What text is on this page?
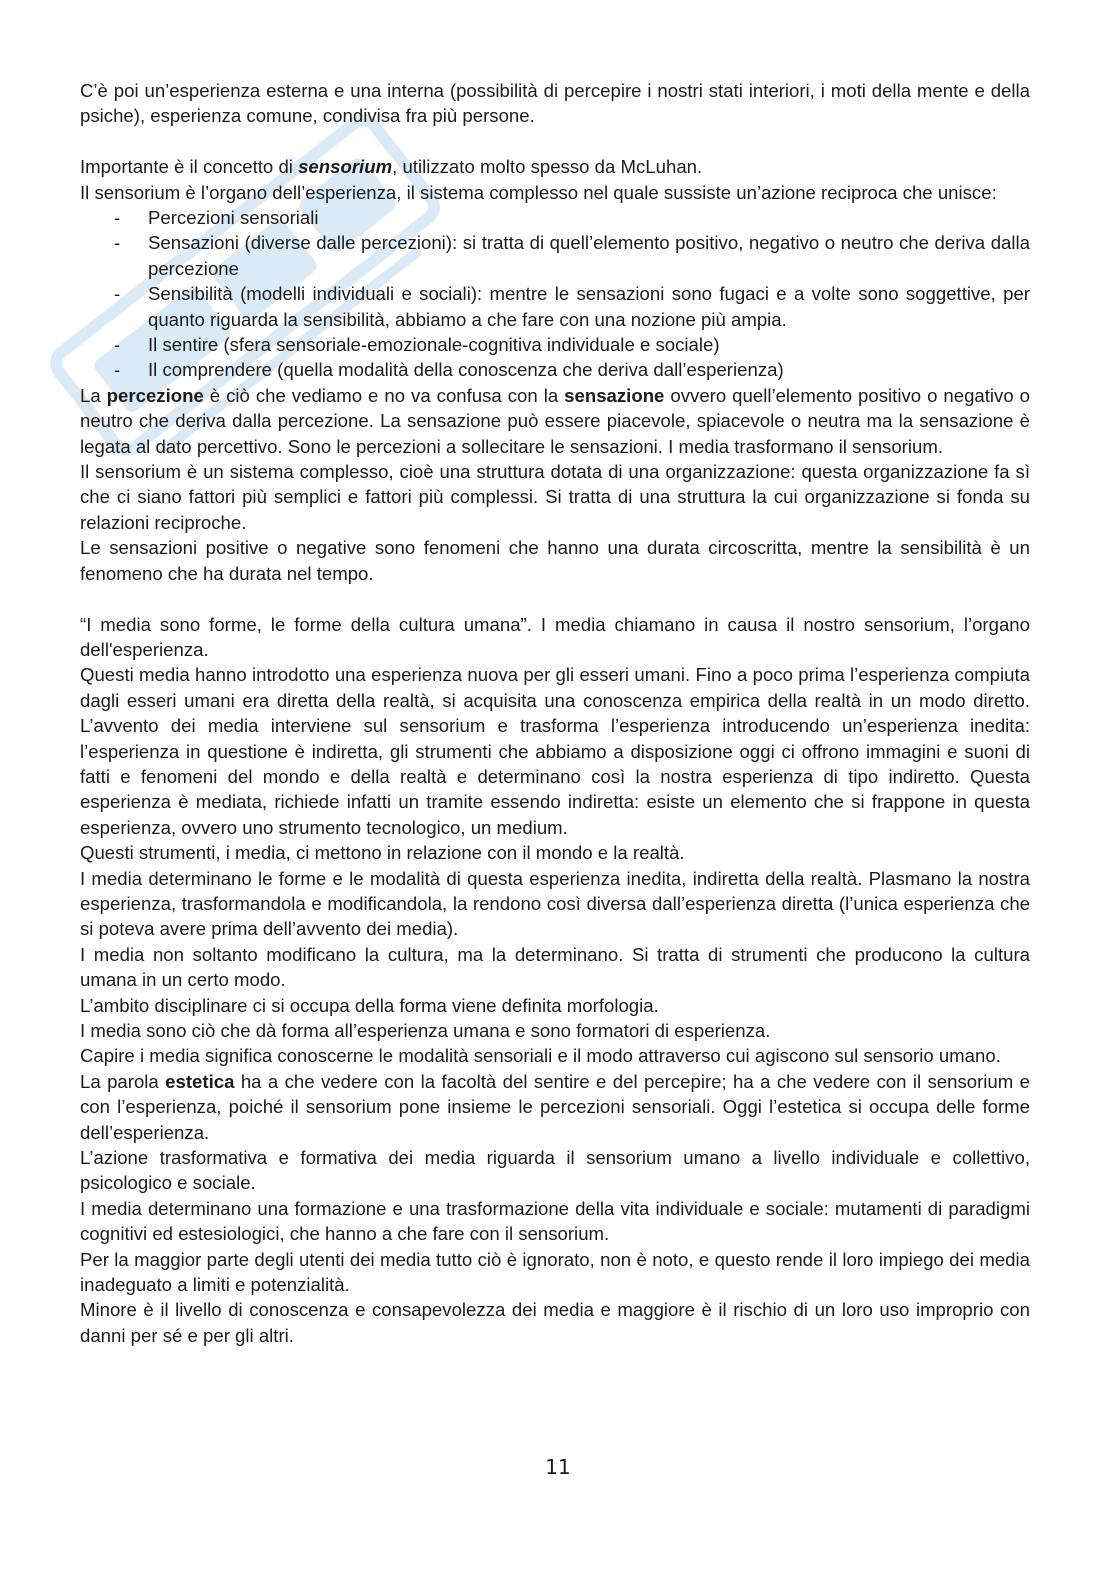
C’è poi un’esperienza esterna e una interna (possibilità di percepire i nostri stati interiori, i moti della mente e della psiche), esperienza comune, condivisa fra più persone.

Importante è il concetto di sensorium, utilizzato molto spesso da McLuhan.

Il sensorium è l’organo dell’esperienza, il sistema complesso nel quale sussiste un’azione reciproca che unisce:

- Percezioni sensoriali
- Sensazioni (diverse dalle percezioni): si tratta di quell’elemento positivo, negativo o neutro che deriva dalla percezione
- Sensibilità (modelli individuali e sociali): mentre le sensazioni sono fugaci e a volte sono soggettive, per quanto riguarda la sensibilità, abbiamo a che fare con una nozione più ampia.
- Il sentire (sfera sensoriale-emozionale-cognitiva individuale e sociale)
- Il comprendere (quella modalità della conoscenza che deriva dall’esperienza)

La percezione è ciò che vediamo e no va confusa con la sensazione ovvero quell’elemento positivo o negativo o neutro che deriva dalla percezione. La sensazione può essere piacevole, spiacevole o neutra ma la sensazione è legata al dato percettivo. Sono le percezioni a sollecitare le sensazioni. I media trasformano il sensorium.

Il sensorium è un sistema complesso, cioè una struttura dotata di una organizzazione: questa organizzazione fa sì che ci siano fattori più semplici e fattori più complessi. Si tratta di una struttura la cui organizzazione si fonda su relazioni reciproche.

Le sensazioni positive o negative sono fenomeni che hanno una durata circoscritta, mentre la sensibilità è un fenomeno che ha durata nel tempo.

“I media sono forme, le forme della cultura umana”. I media chiamano in causa il nostro sensorium, l’organo dell'esperienza.

Questi media hanno introdotto una esperienza nuova per gli esseri umani. Fino a poco prima l’esperienza compiuta dagli esseri umani era diretta della realtà, si acquisita una conoscenza empirica della realtà in un modo diretto. L’avvento dei media interviene sul sensorium e trasforma l’esperienza introducendo un’esperienza inedita: l’esperienza in questione è indiretta, gli strumenti che abbiamo a disposizione oggi ci offrono immagini e suoni di fatti e fenomeni del mondo e della realtà e determinano così la nostra esperienza di tipo indiretto. Questa esperienza è mediata, richiede infatti un tramite essendo indiretta: esiste un elemento che si frappone in questa esperienza, ovvero uno strumento tecnologico, un medium.

Questi strumenti, i media, ci mettono in relazione con il mondo e la realtà.

I media determinano le forme e le modalità di questa esperienza inedita, indiretta della realtà. Plasmano la nostra esperienza, trasformandola e modificandola, la rendono così diversa dall’esperienza diretta (l’unica esperienza che si poteva avere prima dell’avvento dei media).

I media non soltanto modificano la cultura, ma la determinano. Si tratta di strumenti che producono la cultura umana in un certo modo.

L’ambito disciplinare ci si occupa della forma viene definita morfologia.

I media sono ciò che dà forma all’esperienza umana e sono formatori di esperienza.

Capire i media significa conoscerne le modalità sensoriali e il modo attraverso cui agiscono sul sensorio umano.

La parola estetica ha a che vedere con la facoltà del sentire e del percepire; ha a che vedere con il sensorium e con l’esperienza, poiché il sensorium pone insieme le percezioni sensoriali. Oggi l’estetica si occupa delle forme dell’esperienza.

L’azione trasformativa e formativa dei media riguarda il sensorium umano a livello individuale e collettivo, psicologico e sociale.

I media determinano una formazione e una trasformazione della vita individuale e sociale: mutamenti di paradigmi cognitivi ed estesiologici, che hanno a che fare con il sensorium.

Per la maggior parte degli utenti dei media tutto ciò è ignorato, non è noto, e questo rende il loro impiego dei media inadeguato a limiti e potenzialità.

Minore è il livello di conoscenza e consapevolezza dei media e maggiore è il rischio di un loro uso improprio con danni per sé e per gli altri.

11
